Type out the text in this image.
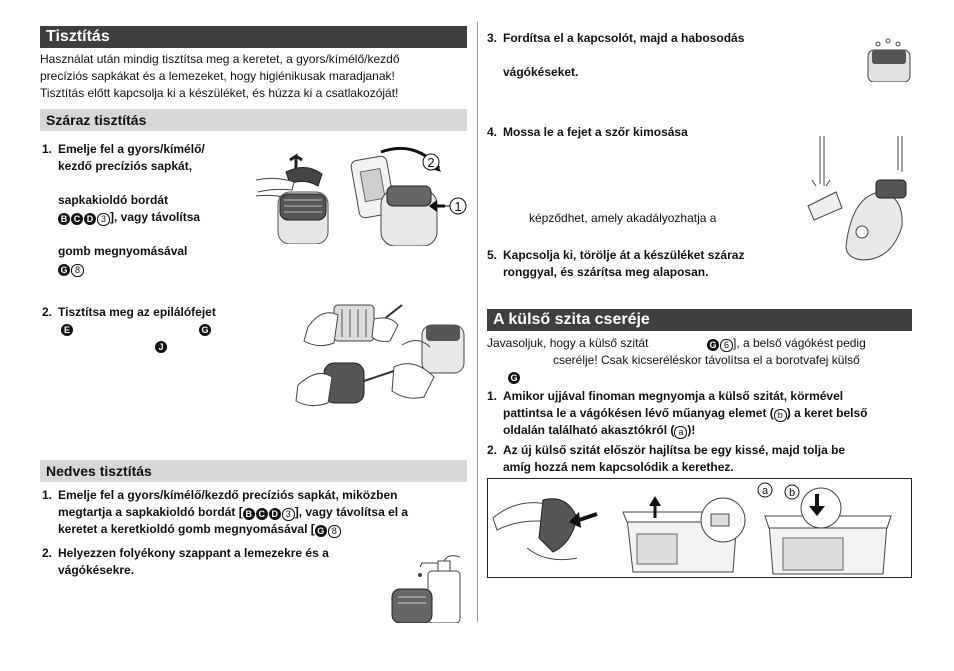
Tisztítás
Használat után mindig tisztítsa meg a keretet, a gyors/kímélő/kezdő
precíziós sapkákat és a lemezeket, hogy higiénikusak maradjanak!
Tisztítás előtt kapcsolja ki a készüléket, és húzza ki a csatlakozóját!
Száraz tisztítás
1. Emelje fel a gyors/kímélő/
kezdő precíziós sapkát,
sapkakioldó bordát
B C D 3 ], vagy távolítsa
gomb megnyomásával
G 8
2. Tisztítsa meg az epilálófejet
E	G
J
2
1
Nedves tisztítás
1. Emelje fel a gyors/kímélő/kezdő precíziós sapkát, miközben
megtartja a sapkakioldó bordát [ B C D 3 ], vagy távolítsa el a
keretet a keretkioldó gomb megnyomásával [ G 8
2. Helyezzen folyékony szappant a lemezekre és a
vágókésekre.
3. Fordítsa el a kapcsolót, majd a habosodás
vágókéseket.
4. Mossa le a fejet a szőr kimosása
képződhet, amely akadályozhatja a
5. Kapcsolja ki, törölje át a készüléket száraz
ronggyal, és szárítsa meg alaposan.
A külső szita cseréje
Javasoljuk, hogy a külső szitát	G 6 ], a belső vágókést pedig
cserélje! Csak kicseréléskor távolítsa el a borotvafej külső
G
1. Amikor ujjával finoman megnyomja a külső szitát, körmével
pattintsa le a vágókésen lévő műanyag elemet ( b ) a keret belső
oldalán található akasztókról ( a )!
2. Az új külső szitát először hajlítsa be egy kissé, majd tolja be
amíg hozzá nem kapcsolódik a kerethez.
a b
